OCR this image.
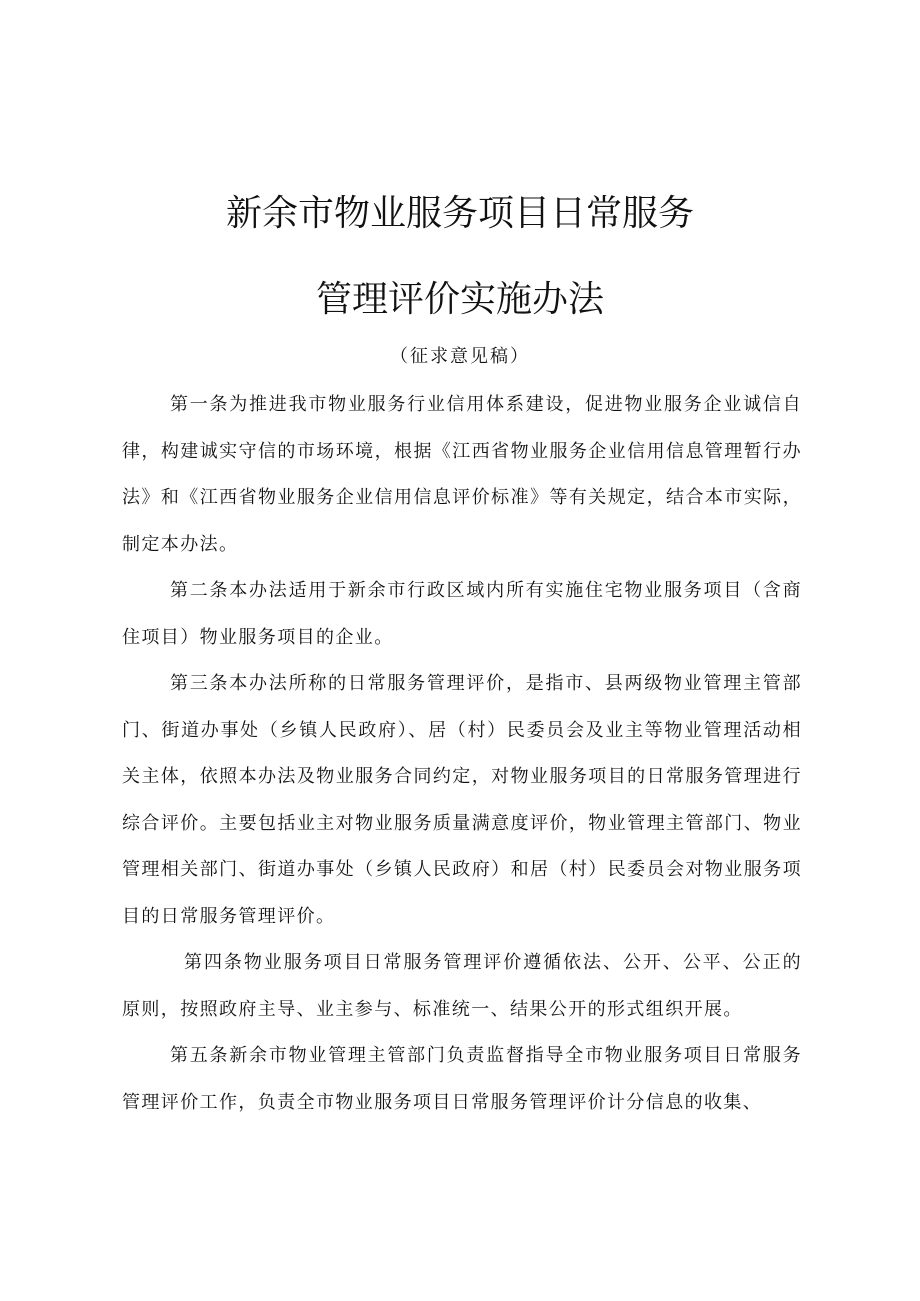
新余市物业服务项目日常服务
管理评价实施办法
（征求意见稿）

第一条为推进我市物业服务行业信用体系建设，促进物业服务企业诚信自律，构建诚实守信的市场环境，根据《江西省物业服务企业信用信息管理暂行办法》和《江西省物业服务企业信用信息评价标准》等有关规定，结合本市实际，制定本办法。

第二条本办法适用于新余市行政区域内所有实施住宅物业服务项目（含商住项目）物业服务项目的企业。

第三条本办法所称的日常服务管理评价，是指市、县两级物业管理主管部门、街道办事处（乡镇人民政府）、居（村）民委员会及业主等物业管理活动相关主体，依照本办法及物业服务合同约定，对物业服务项目的日常服务管理进行综合评价。主要包括业主对物业服务质量满意度评价，物业管理主管部门、物业管理相关部门、街道办事处（乡镇人民政府）和居（村）民委员会对物业服务项目的日常服务管理评价。

第四条物业服务项目日常服务管理评价遵循依法、公开、公平、公正的原则，按照政府主导、业主参与、标准统一、结果公开的形式组织开展。

第五条新余市物业管理主管部门负责监督指导全市物业服务项目日常服务管理评价工作，负责全市物业服务项目日常服务管理评价计分信息的收集、
